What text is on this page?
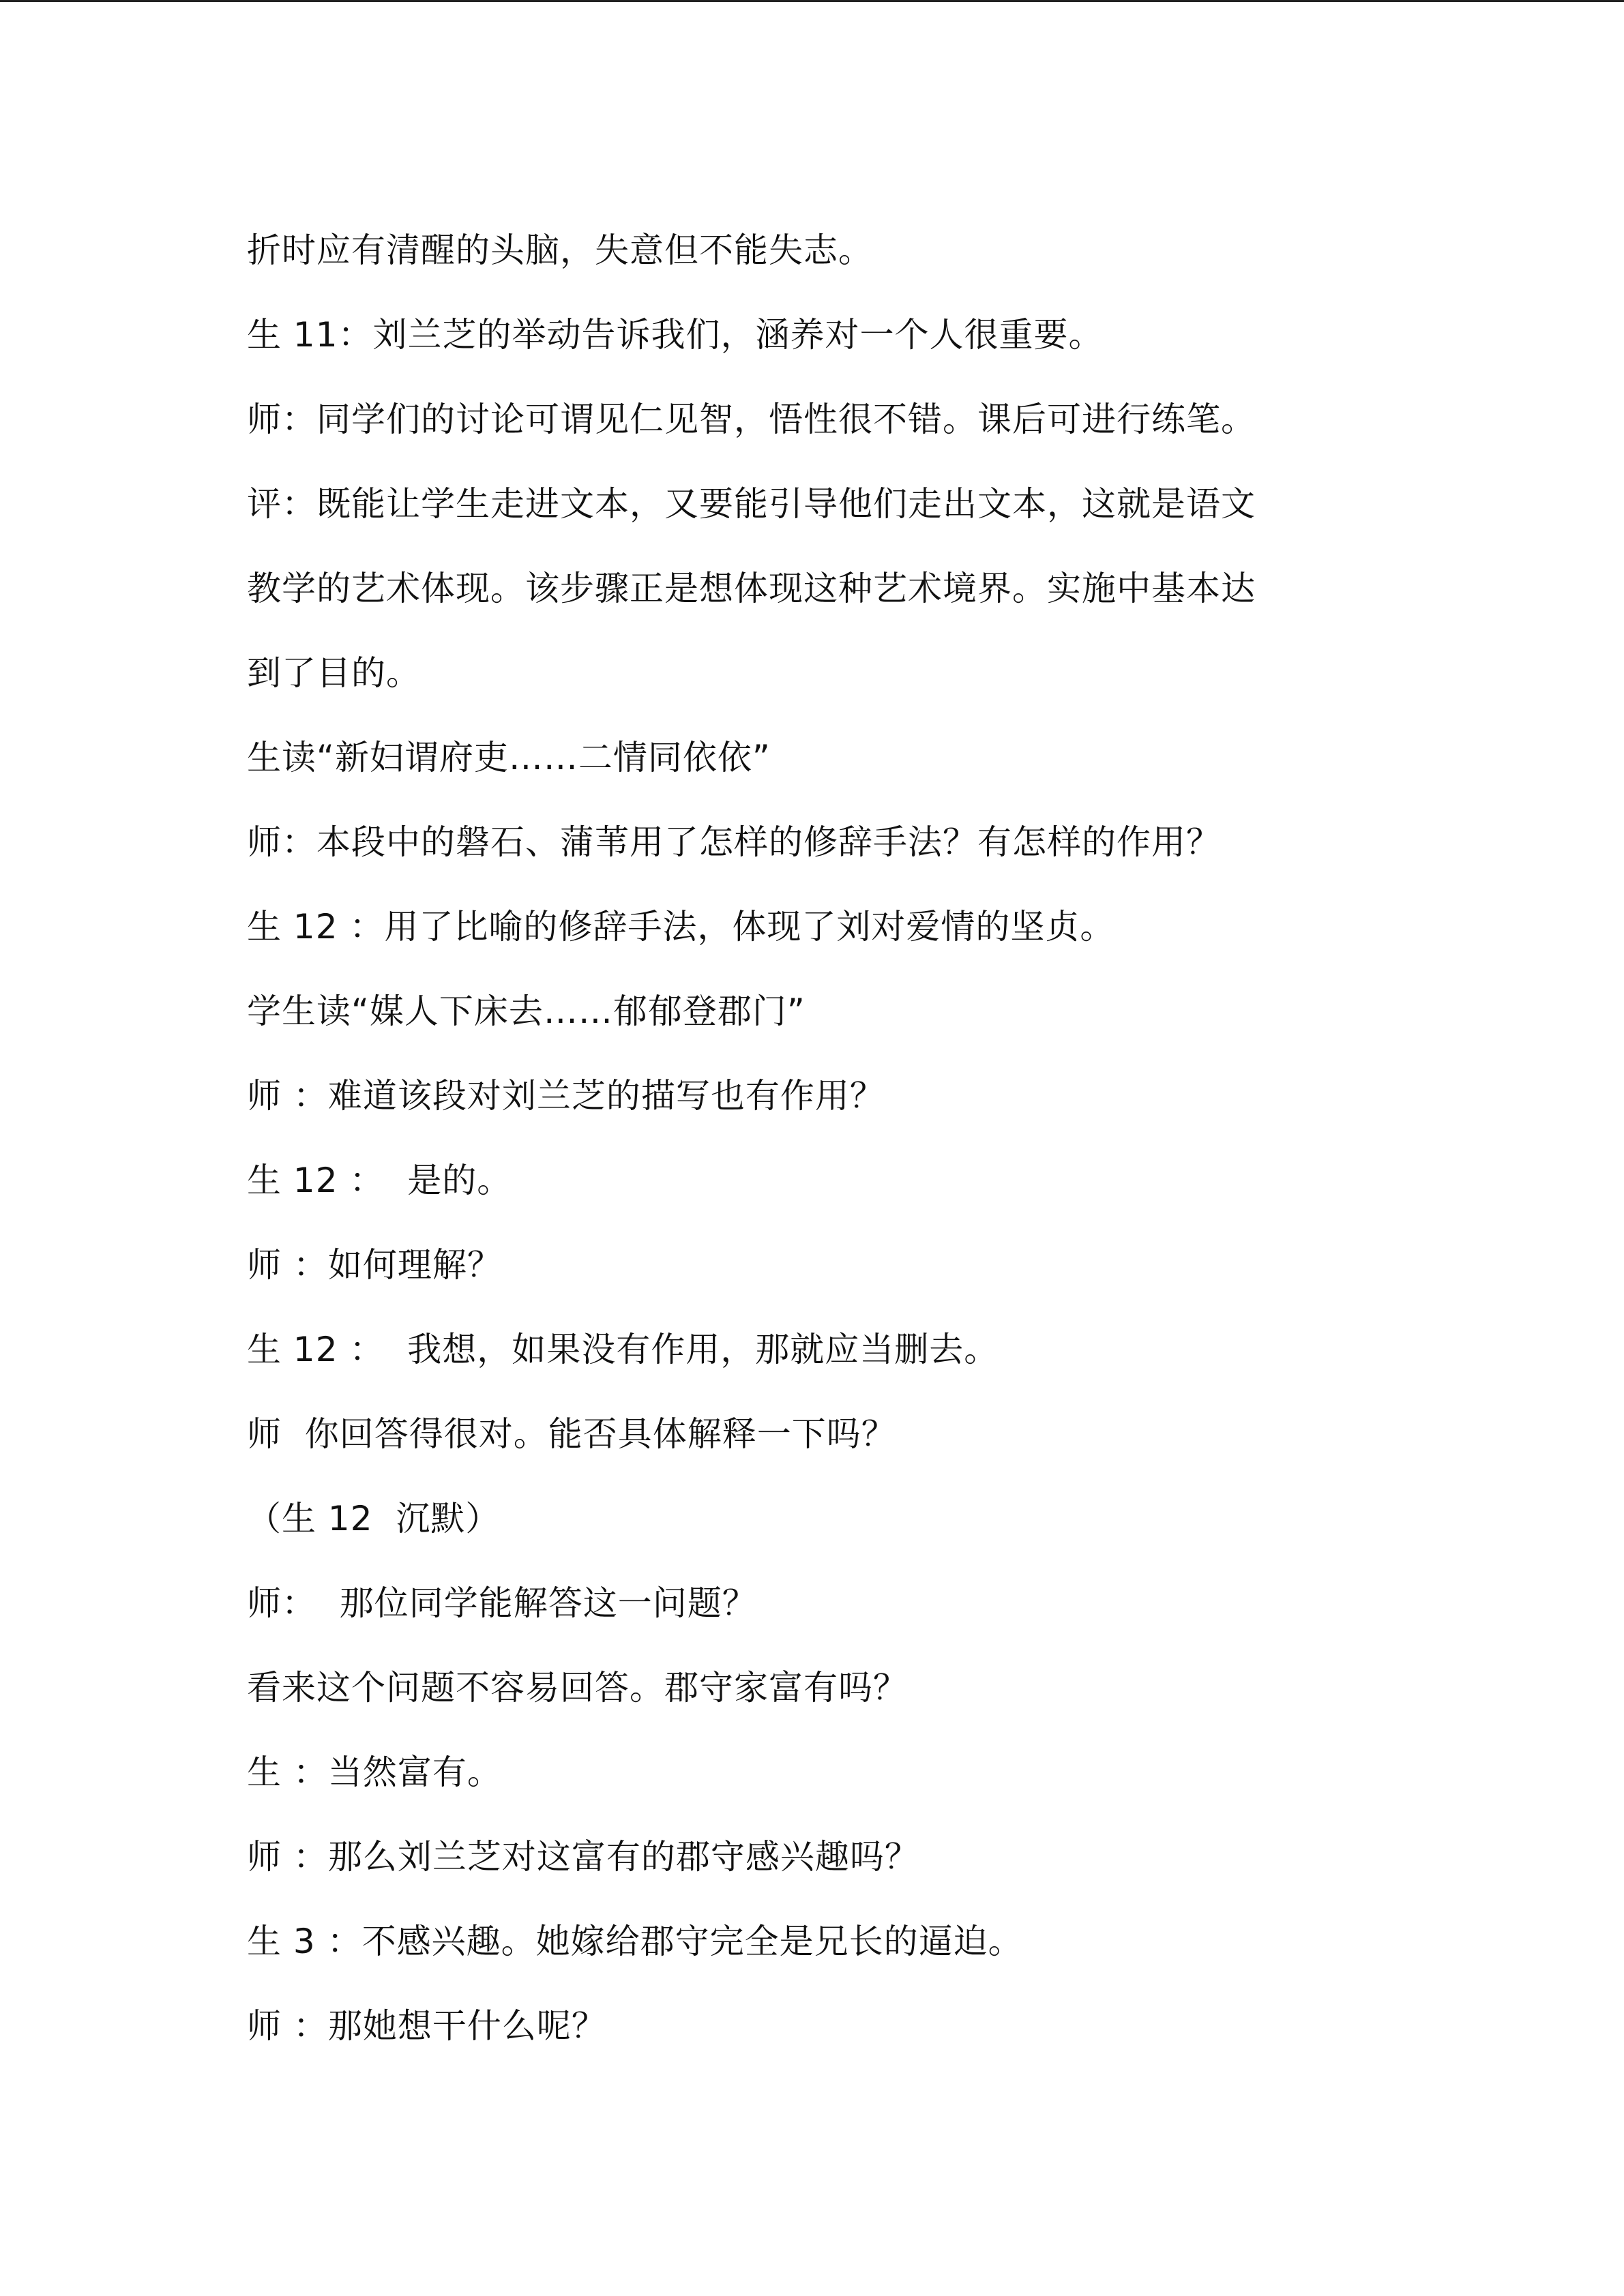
折时应有清醒的头脑，失意但不能失志。
生 11：刘兰芝的举动告诉我们，涵养对一个人很重要。
师：同学们的讨论可谓见仁见智，悟性很不错。课后可进行练笔。
评：既能让学生走进文本，又要能引导他们走出文本，这就是语文
教学的艺术体现。该步骤正是想体现这种艺术境界。实施中基本达
到了目的。
生读“新妇谓府吏……二情同依依”
师：本段中的磐石、蒲苇用了怎样的修辞手法？有怎样的作用？
生 12 ：用了比喻的修辞手法，体现了刘对爱情的坚贞。
学生读“媒人下床去……郁郁登郡门”
师 ：难道该段对刘兰芝的描写也有作用？
生 12 ：  是的。
师 ：如何理解？
生 12 ：  我想，如果没有作用，那就应当删去。
师  你回答得很对。能否具体解释一下吗？
（生 12  沉默）
师：  那位同学能解答这一问题？
看来这个问题不容易回答。郡守家富有吗？
生 ：当然富有。
师 ：那么刘兰芝对这富有的郡守感兴趣吗？
生 3 ：不感兴趣。她嫁给郡守完全是兄长的逼迫。
师 ：那她想干什么呢？
